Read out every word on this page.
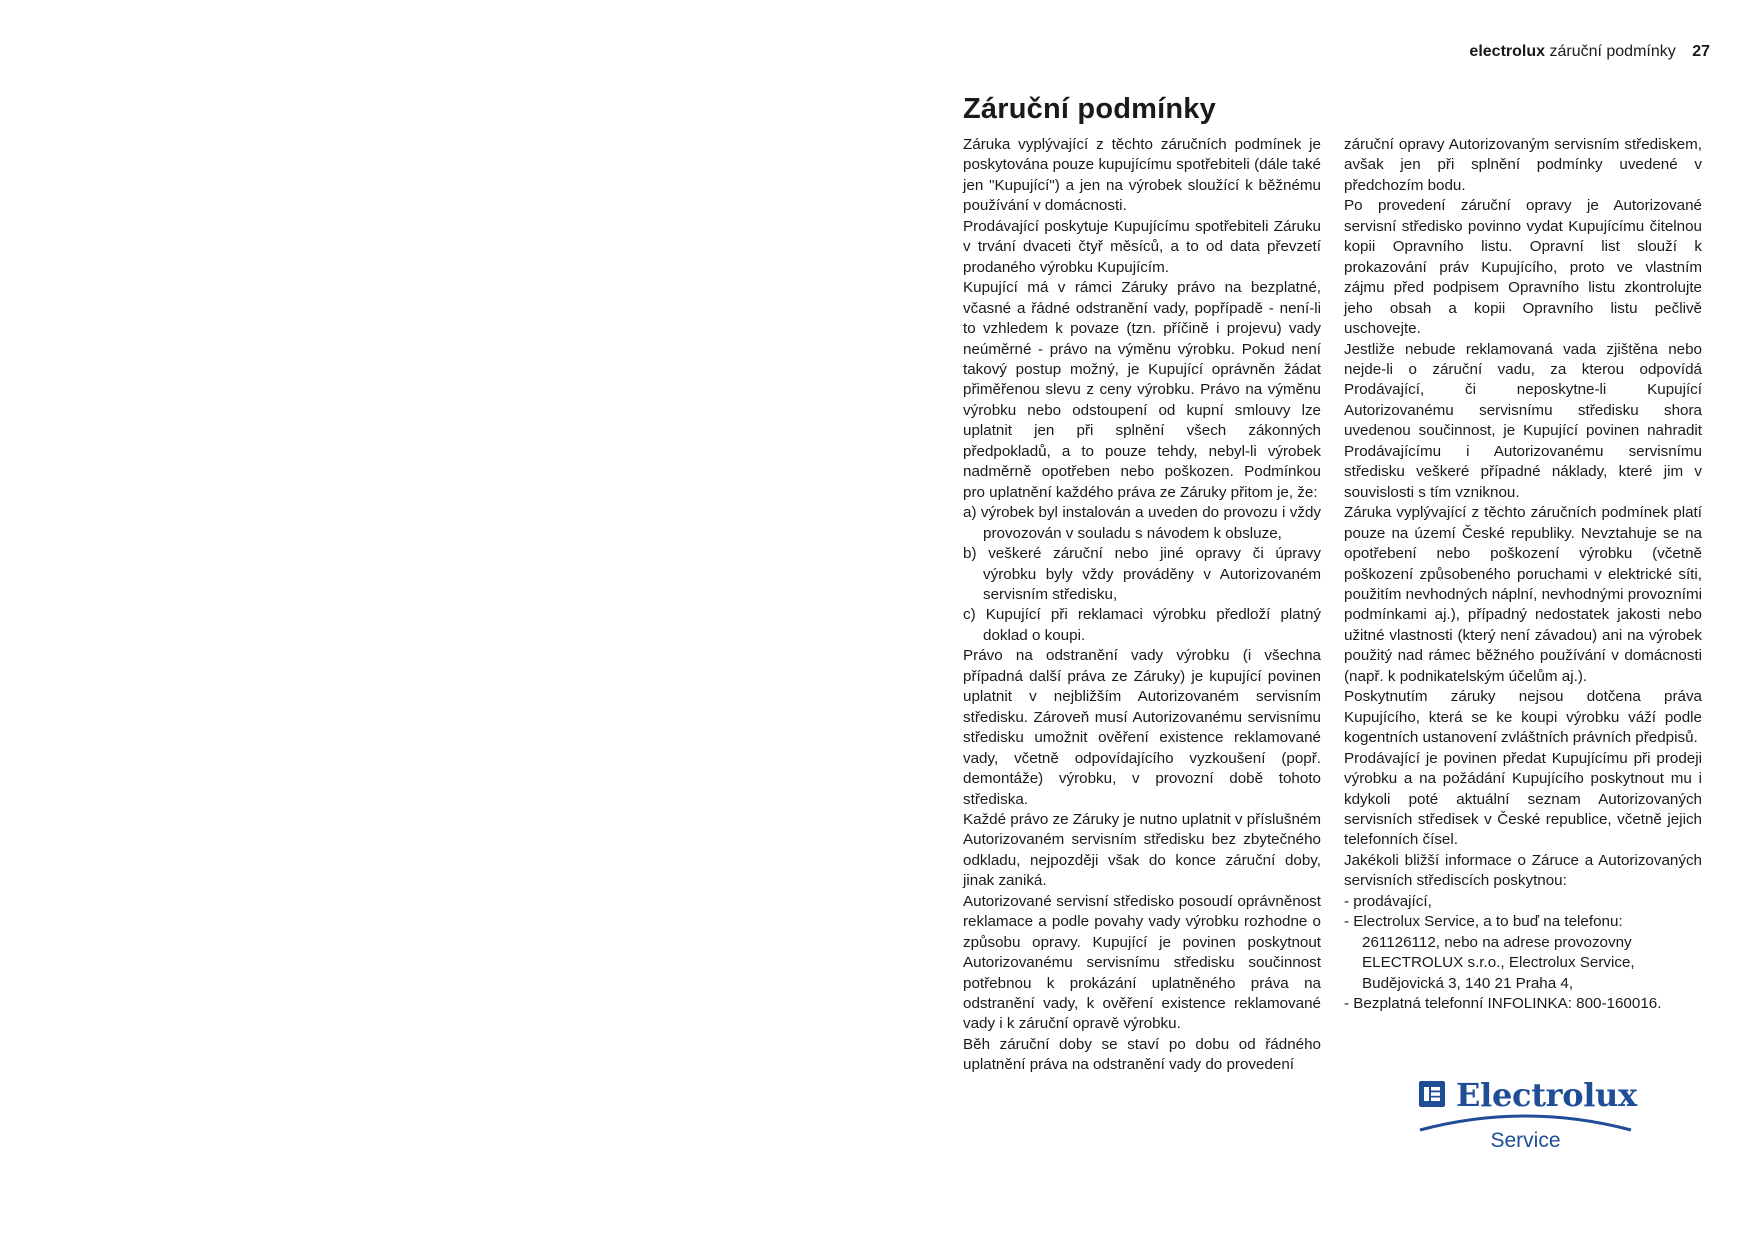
electrolux záruční podmínky 27
Záruční podmínky

Záruka vyplývající z těchto záručních podmínek je poskytována pouze kupujícímu spotřebiteli (dále také jen "Kupující") a jen na výrobek sloužící k běžnému používání v domácnosti.

Prodávající poskytuje Kupujícímu spotřebiteli Záruku v trvání dvaceti čtyř měsíců, a to od data převzetí prodaného výrobku Kupujícím.

Kupující má v rámci Záruky právo na bezplatné, včasné a řádné odstranění vady, popřípadě - není-li to vzhledem k povaze (tzn. příčině i projevu) vady neúměrné - právo na výměnu výrobku. Pokud není takový postup možný, je Kupující oprávněn žádat přiměřenou slevu z ceny výrobku. Právo na výměnu výrobku nebo odstoupení od kupní smlouvy lze uplatnit jen při splnění všech zákonných předpokladů, a to pouze tehdy, nebyl-li výrobek nadměrně opotřeben nebo poškozen. Podmínkou pro uplatnění každého práva ze Záruky přitom je, že:

a) výrobek byl instalován a uveden do provozu i vždy provozován v souladu s návodem k obsluze,
b) veškeré záruční nebo jiné opravy či úpravy výrobku byly vždy prováděny v Autorizovaném servisním středisku,
c) Kupující při reklamaci výrobku předloží platný doklad o koupi.

Právo na odstranění vady výrobku (i všechna případná další práva ze Záruky) je kupující povinen uplatnit v nejbližším Autorizovaném servisním středisku. Zároveň musí Autorizovanému servisnímu středisku umožnit ověření existence reklamované vady, včetně odpovídajícího vyzkoušení (popř. demontáže) výrobku, v provozní době tohoto střediska.

Každé právo ze Záruky je nutno uplatnit v příslušném Autorizovaném servisním středisku bez zbytečného odkladu, nejpozději však do konce záruční doby, jinak zaniká.

Autorizované servisní středisko posoudí oprávněnost reklamace a podle povahy vady výrobku rozhodne o způsobu opravy. Kupující je povinen poskytnout Autorizovanému servisnímu středisku součinnost potřebnou k prokázání uplatněného práva na odstranění vady, k ověření existence reklamované vady i k záruční opravě výrobku.

Běh záruční doby se staví po dobu od řádného uplatnění práva na odstranění vady do provedení

záruční opravy Autorizovaným servisním střediskem, avšak jen při splnění podmínky uvedené v předchozím bodu.

Po provedení záruční opravy je Autorizované servisní středisko povinno vydat Kupujícímu čitelnou kopii Opravního listu. Opravní list slouží k prokazování práv Kupujícího, proto ve vlastním zájmu před podpisem Opravního listu zkontrolujte jeho obsah a kopii Opravního listu pečlivě uschovejte.

Jestliže nebude reklamovaná vada zjištěna nebo nejde-li o záruční vadu, za kterou odpovídá Prodávající, či neposkytne-li Kupující Autorizovanému servisnímu středisku shora uvedenou součinnost, je Kupující povinen nahradit Prodávajícímu i Autorizovanému servisnímu středisku veškeré případné náklady, které jim v souvislosti s tím vzniknou.

Záruka vyplývající z těchto záručních podmínek platí pouze na území České republiky. Nevztahuje se na opotřebení nebo poškození výrobku (včetně poškození způsobeného poruchami v elektrické síti, použitím nevhodných náplní, nevhodnými provozními podmínkami aj.), případný nedostatek jakosti nebo užitné vlastnosti (který není závadou) ani na výrobek použitý nad rámec běžného používání v domácnosti (např. k podnikatelským účelům aj.).

Poskytnutím záruky nejsou dotčena práva Kupujícího, která se ke koupi výrobku váží podle kogentních ustanovení zvláštních právních předpisů.

Prodávající je povinen předat Kupujícímu při prodeji výrobku a na požádání Kupujícího poskytnout mu i kdykoli poté aktuální seznam Autorizovaných servisních středisek v České republice, včetně jejich telefonních čísel.

Jakékoli bližší informace o Záruce a Autorizovaných servisních střediscích poskytnou:

- prodávající,
- Electrolux Service, a to buď na telefonu: 261126112, nebo na adrese provozovny ELECTROLUX s.r.o., Electrolux Service, Budějovická 3, 140 21 Praha 4,
- Bezplatná telefonní INFOLINKA: 800-160016.
Electrolux
Service
